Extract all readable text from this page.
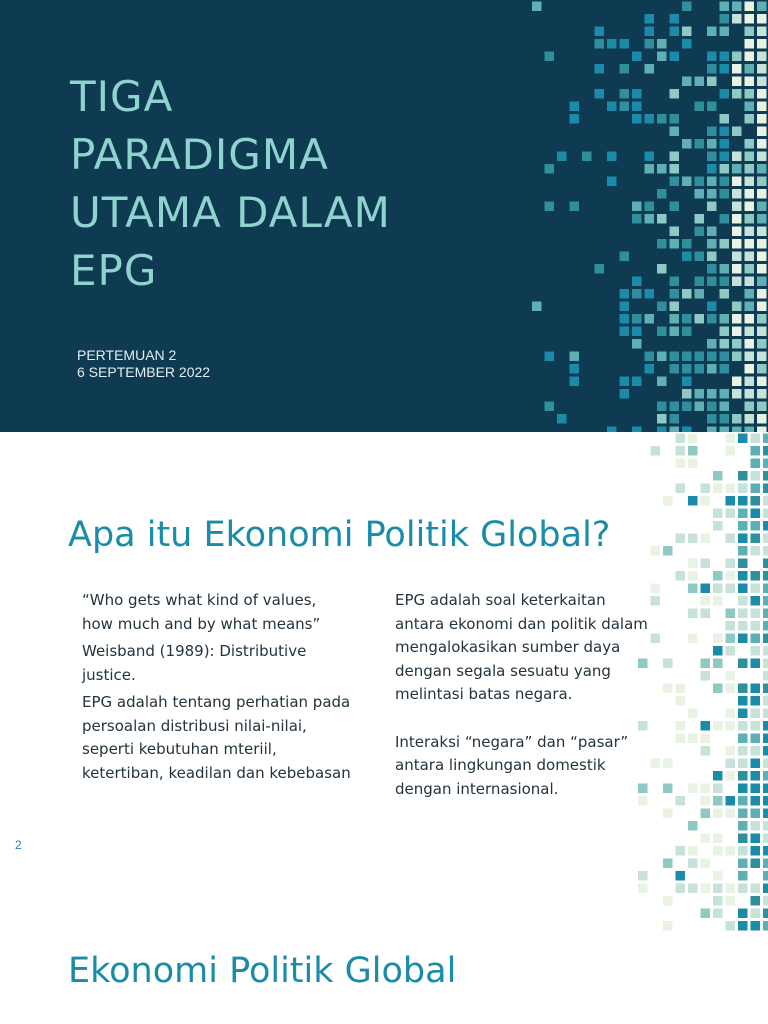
TIGA
PARADIGMA
UTAMA DALAM
EPG
PERTEMUAN 2
6 SEPTEMBER 2022
Apa itu Ekonomi Politik Global?

“Who gets what kind of values, how much and by what means”

Weisband (1989): Distributive justice.

EPG adalah tentang perhatian pada persoalan distribusi nilai-nilai, seperti kebutuhan mteriil, ketertiban, keadilan dan kebebasan

EPG adalah soal keterkaitan antara ekonomi dan politik dalam mengalokasikan sumber daya dengan segala sesuatu yang melintasi batas negara.

Interaksi “negara” dan “pasar” antara lingkungan domestik dengan internasional.

2
Ekonomi Politik Global
